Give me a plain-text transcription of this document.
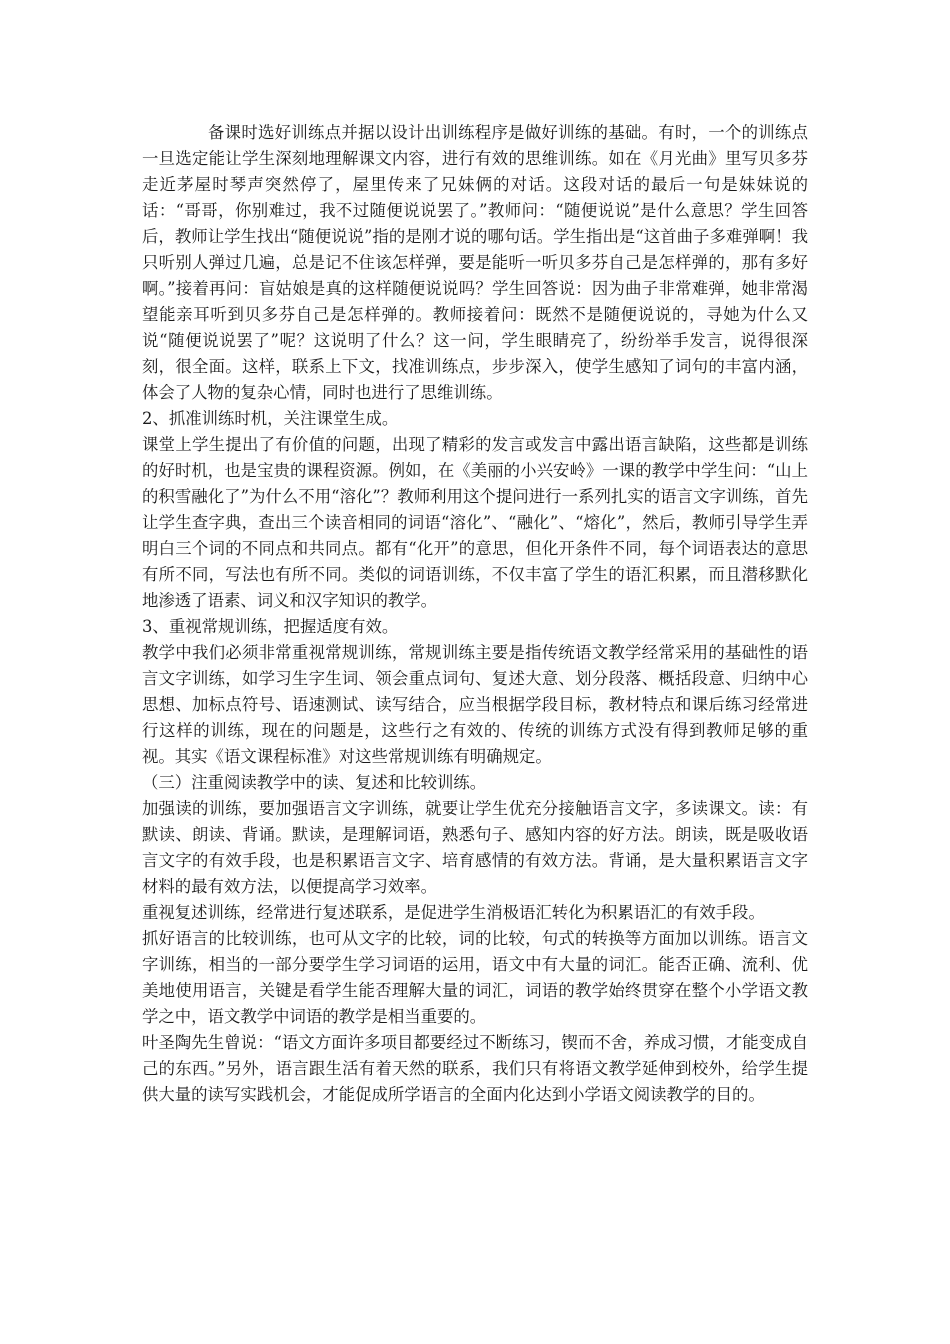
备课时选好训练点并据以设计出训练程序是做好训练的基础。有时，一个的训练点一旦选定能让学生深刻地理解课文内容，进行有效的思维训练。如在《月光曲》里写贝多芬走近茅屋时琴声突然停了，屋里传来了兄妹俩的对话。这段对话的最后一句是妹妹说的话：“哥哥，你别难过，我不过随便说说罢了。”教师问：“随便说说”是什么意思？学生回答后，教师让学生找出“随便说说”指的是刚才说的哪句话。学生指出是“这首曲子多难弹啊！我只听别人弹过几遍，总是记不住该怎样弹，要是能听一听贝多芬自己是怎样弹的，那有多好啊。”接着再问：盲姑娘是真的这样随便说说吗？学生回答说：因为曲子非常难弹，她非常渴望能亲耳听到贝多芬自己是怎样弹的。教师接着问：既然不是随便说说的，寻她为什么又说“随便说说罢了”呢？这说明了什么？这一问，学生眼睛亮了，纷纷举手发言，说得很深刻，很全面。这样，联系上下文，找准训练点，步步深入，使学生感知了词句的丰富内涵，体会了人物的复杂心情，同时也进行了思维训练。

2、抓准训练时机，关注课堂生成。

课堂上学生提出了有价值的问题，出现了精彩的发言或发言中露出语言缺陷，这些都是训练的好时机，也是宝贵的课程资源。例如，在《美丽的小兴安岭》一课的教学中学生问：“山上的积雪融化了”为什么不用“溶化”？教师利用这个提问进行一系列扎实的语言文字训练，首先让学生查字典，查出三个读音相同的词语“溶化”、“融化”、“熔化”，然后，教师引导学生弄明白三个词的不同点和共同点。都有“化开”的意思，但化开条件不同，每个词语表达的意思有所不同，写法也有所不同。类似的词语训练，不仅丰富了学生的语汇积累，而且潜移默化地渗透了语素、词义和汉字知识的教学。

3、重视常规训练，把握适度有效。

教学中我们必须非常重视常规训练，常规训练主要是指传统语文教学经常采用的基础性的语言文字训练，如学习生字生词、领会重点词句、复述大意、划分段落、概括段意、归纳中心思想、加标点符号、语速测试、读写结合，应当根据学段目标，教材特点和课后练习经常进行这样的训练，现在的问题是，这些行之有效的、传统的训练方式没有得到教师足够的重视。其实《语文课程标准》对这些常规训练有明确规定。

（三）注重阅读教学中的读、复述和比较训练。

加强读的训练，要加强语言文字训练，就要让学生优充分接触语言文字，多读课文。读：有默读、朗读、背诵。默读，是理解词语，熟悉句子、感知内容的好方法。朗读，既是吸收语言文字的有效手段，也是积累语言文字、培育感情的有效方法。背诵，是大量积累语言文字材料的最有效方法，以便提高学习效率。

重视复述训练，经常进行复述联系，是促进学生消极语汇转化为积累语汇的有效手段。

抓好语言的比较训练，也可从文字的比较，词的比较，句式的转换等方面加以训练。语言文字训练，相当的一部分要学生学习词语的运用，语文中有大量的词汇。能否正确、流利、优美地使用语言，关键是看学生能否理解大量的词汇，词语的教学始终贯穿在整个小学语文教学之中，语文教学中词语的教学是相当重要的。

叶圣陶先生曾说：“语文方面许多项目都要经过不断练习，锲而不舍，养成习惯，才能变成自己的东西。”另外，语言跟生活有着天然的联系，我们只有将语文教学延伸到校外，给学生提供大量的读写实践机会，才能促成所学语言的全面内化达到小学语文阅读教学的目的。
